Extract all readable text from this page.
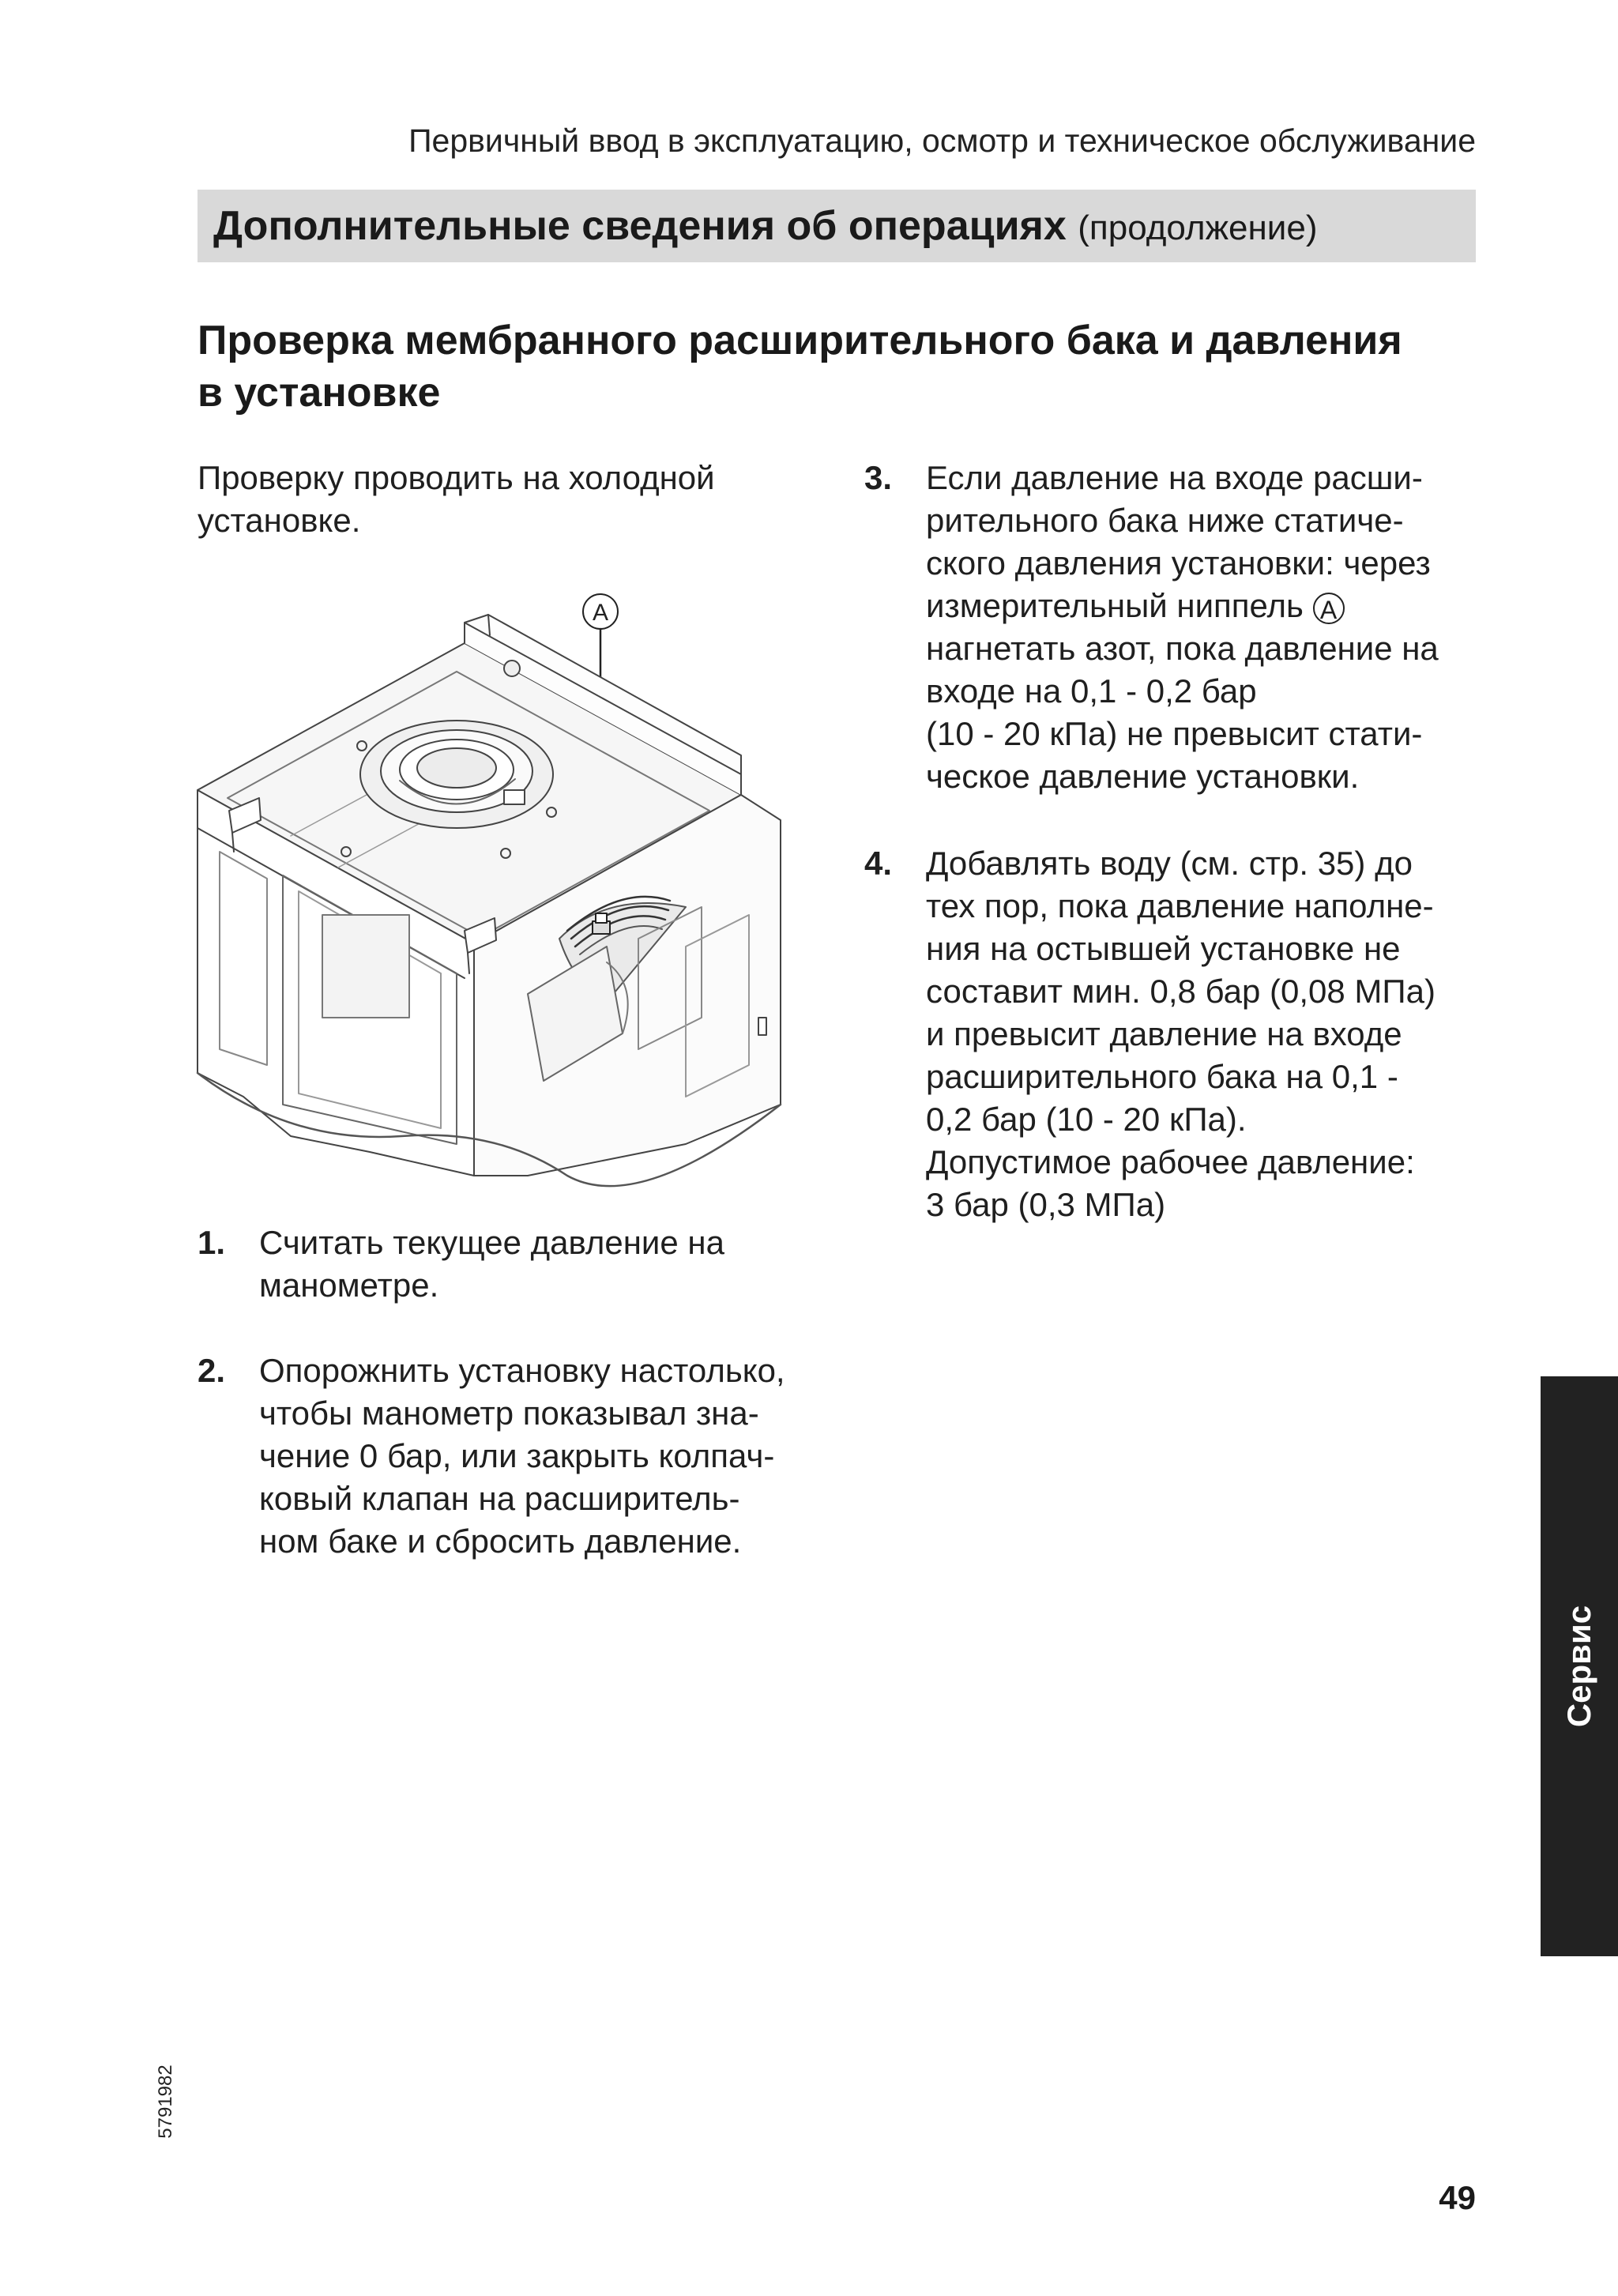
Первичный ввод в эксплуатацию, осмотр и техническое обслуживание
Дополнительные сведения об операциях (продолжение)
Проверка мембранного расширительного бака и давления
в установке
Проверку проводить на холодной
установке.
A
3.	Если давление на входе расши-
рительного бака ниже статиче-
ского давления установки: через
измерительный ниппель A
нагнетать азот, пока давление на
входе на 0,1 - 0,2 бар
(10 - 20 кПа) не превысит стати-
ческое давление установки.
4.	Добавлять воду (см. стр. 35) до
тех пор, пока давление наполне-
ния на остывшей установке не
составит мин. 0,8 бар (0,08 МПа)
и превысит давление на входе
расширительного бака на 0,1 -
0,2 бар (10 - 20 кПа).
Допустимое рабочее давление:
3 бар (0,3 МПа)
1.	Считать текущее давление на
манометре.
2.	Опорожнить установку настолько,
чтобы манометр показывал зна-
чение 0 бар, или закрыть колпач-
ковый клапан на расширитель-
ном баке и сбросить давление.
Сервис
5791982
49
